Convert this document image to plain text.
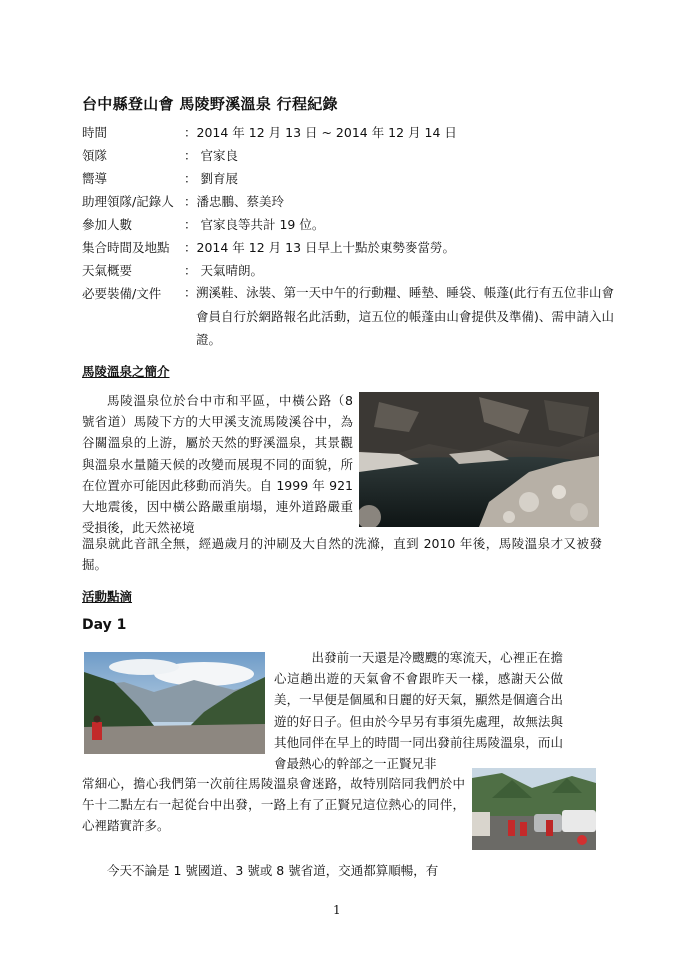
台中縣登山會 馬陵野溪溫泉 行程紀錄
時間	：2014 年 12 月 13 日 ~ 2014 年 12 月 14 日
領隊	： 官家良
嚮導	： 劉育展
助理領隊/記錄人 ：潘忠鵬、蔡美玲
參加人數	： 官家良等共計 19 位。
集合時間及地點 ：2014 年 12 月 13 日早上十點於東勢麥當勞。
天氣概要	： 天氣晴朗。
必要裝備/文件 ： 溯溪鞋、泳裝、第一天中午的行動糧、睡墊、睡袋、帳蓬(此行有五位非山會會員自行於網路報名此活動，這五位的帳蓬由山會提供及準備)、需申請入山證。
馬陵溫泉之簡介
馬陵溫泉位於台中市和平區，中橫公路（8 號省道）馬陵下方的大甲溪支流馬陵溪谷中，為谷關溫泉的上游，屬於天然的野溪溫泉，其景觀與溫泉水量隨天候的改變而展現不同的面貌，所在位置亦可能因此移動而消失。自 1999 年 921 大地震後，因中橫公路嚴重崩塌，連外道路嚴重受損後，此天然祕境
溫泉就此音訊全無，經過歲月的沖刷及大自然的洗滌，直到 2010 年後，馬陵溫泉才又被發掘。
活動點滴
Day 1
出發前一天還是冷颼颼的寒流天，心裡正在擔心這趟出遊的天氣會不會跟昨天一樣，感謝天公做美，一早便是個風和日麗的好天氣，顯然是個適合出遊的好日子。但由於今早另有事須先處理，故無法與其他同伴在早上的時間一同出發前往馬陵溫泉，而山會最熱心的幹部之一正賢兄非
常細心，擔心我們第一次前往馬陵溫泉會迷路，故特別陪同我們於中午十二點左右一起從台中出發，一路上有了正賢兄這位熱心的同伴，心裡踏實許多。
今天不論是 1 號國道、3 號或 8 號省道，交通都算順暢，有
1
